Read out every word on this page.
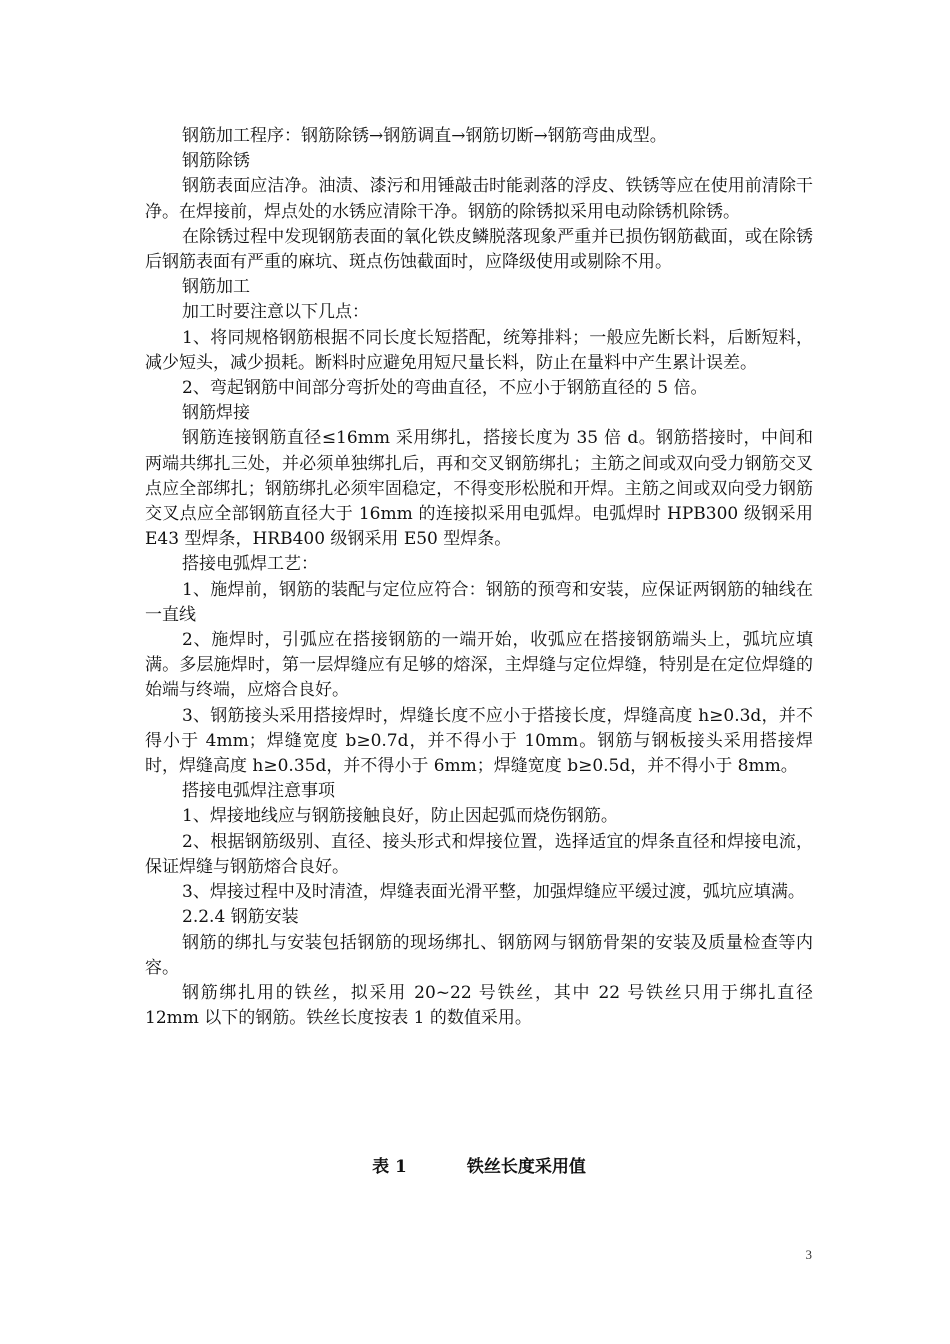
钢筋加工程序：钢筋除锈→钢筋调直→钢筋切断→钢筋弯曲成型。

钢筋除锈

钢筋表面应洁净。油渍、漆污和用锤敲击时能剥落的浮皮、铁锈等应在使用前清除干净。在焊接前，焊点处的水锈应清除干净。钢筋的除锈拟采用电动除锈机除锈。

在除锈过程中发现钢筋表面的氧化铁皮鳞脱落现象严重并已损伤钢筋截面，或在除锈后钢筋表面有严重的麻坑、斑点伤蚀截面时，应降级使用或剔除不用。

钢筋加工

加工时要注意以下几点：

1、将同规格钢筋根据不同长度长短搭配，统筹排料；一般应先断长料，后断短料，减少短头，减少损耗。断料时应避免用短尺量长料，防止在量料中产生累计误差。

2、弯起钢筋中间部分弯折处的弯曲直径，不应小于钢筋直径的 5 倍。

钢筋焊接

钢筋连接钢筋直径≤16mm 采用绑扎，搭接长度为 35 倍 d。钢筋搭接时，中间和两端共绑扎三处，并必须单独绑扎后，再和交叉钢筋绑扎；主筋之间或双向受力钢筋交叉点应全部绑扎；钢筋绑扎必须牢固稳定，不得变形松脱和开焊。主筋之间或双向受力钢筋交叉点应全部钢筋直径大于 16mm 的连接拟采用电弧焊。电弧焊时 HPB300 级钢采用 E43 型焊条，HRB400 级钢采用 E50 型焊条。

搭接电弧焊工艺：

1、施焊前，钢筋的装配与定位应符合：钢筋的预弯和安装，应保证两钢筋的轴线在一直线

2、施焊时，引弧应在搭接钢筋的一端开始，收弧应在搭接钢筋端头上，弧坑应填满。多层施焊时，第一层焊缝应有足够的熔深，主焊缝与定位焊缝，特别是在定位焊缝的始端与终端，应熔合良好。

3、钢筋接头采用搭接焊时，焊缝长度不应小于搭接长度，焊缝高度 h≥0.3d，并不得小于 4mm；焊缝宽度 b≥0.7d，并不得小于 10mm。钢筋与钢板接头采用搭接焊时，焊缝高度 h≥0.35d，并不得小于 6mm；焊缝宽度 b≥0.5d，并不得小于 8mm。

搭接电弧焊注意事项

1、焊接地线应与钢筋接触良好，防止因起弧而烧伤钢筋。

2、根据钢筋级别、直径、接头形式和焊接位置，选择适宜的焊条直径和焊接电流，保证焊缝与钢筋熔合良好。

3、焊接过程中及时清渣，焊缝表面光滑平整，加强焊缝应平缓过渡，弧坑应填满。

2.2.4 钢筋安装

钢筋的绑扎与安装包括钢筋的现场绑扎、钢筋网与钢筋骨架的安装及质量检查等内容。

钢筋绑扎用的铁丝，拟采用 20~22 号铁丝，其中 22 号铁丝只用于绑扎直径 12mm 以下的钢筋。铁丝长度按表 1 的数值采用。

表 1	铁丝长度采用值
3
